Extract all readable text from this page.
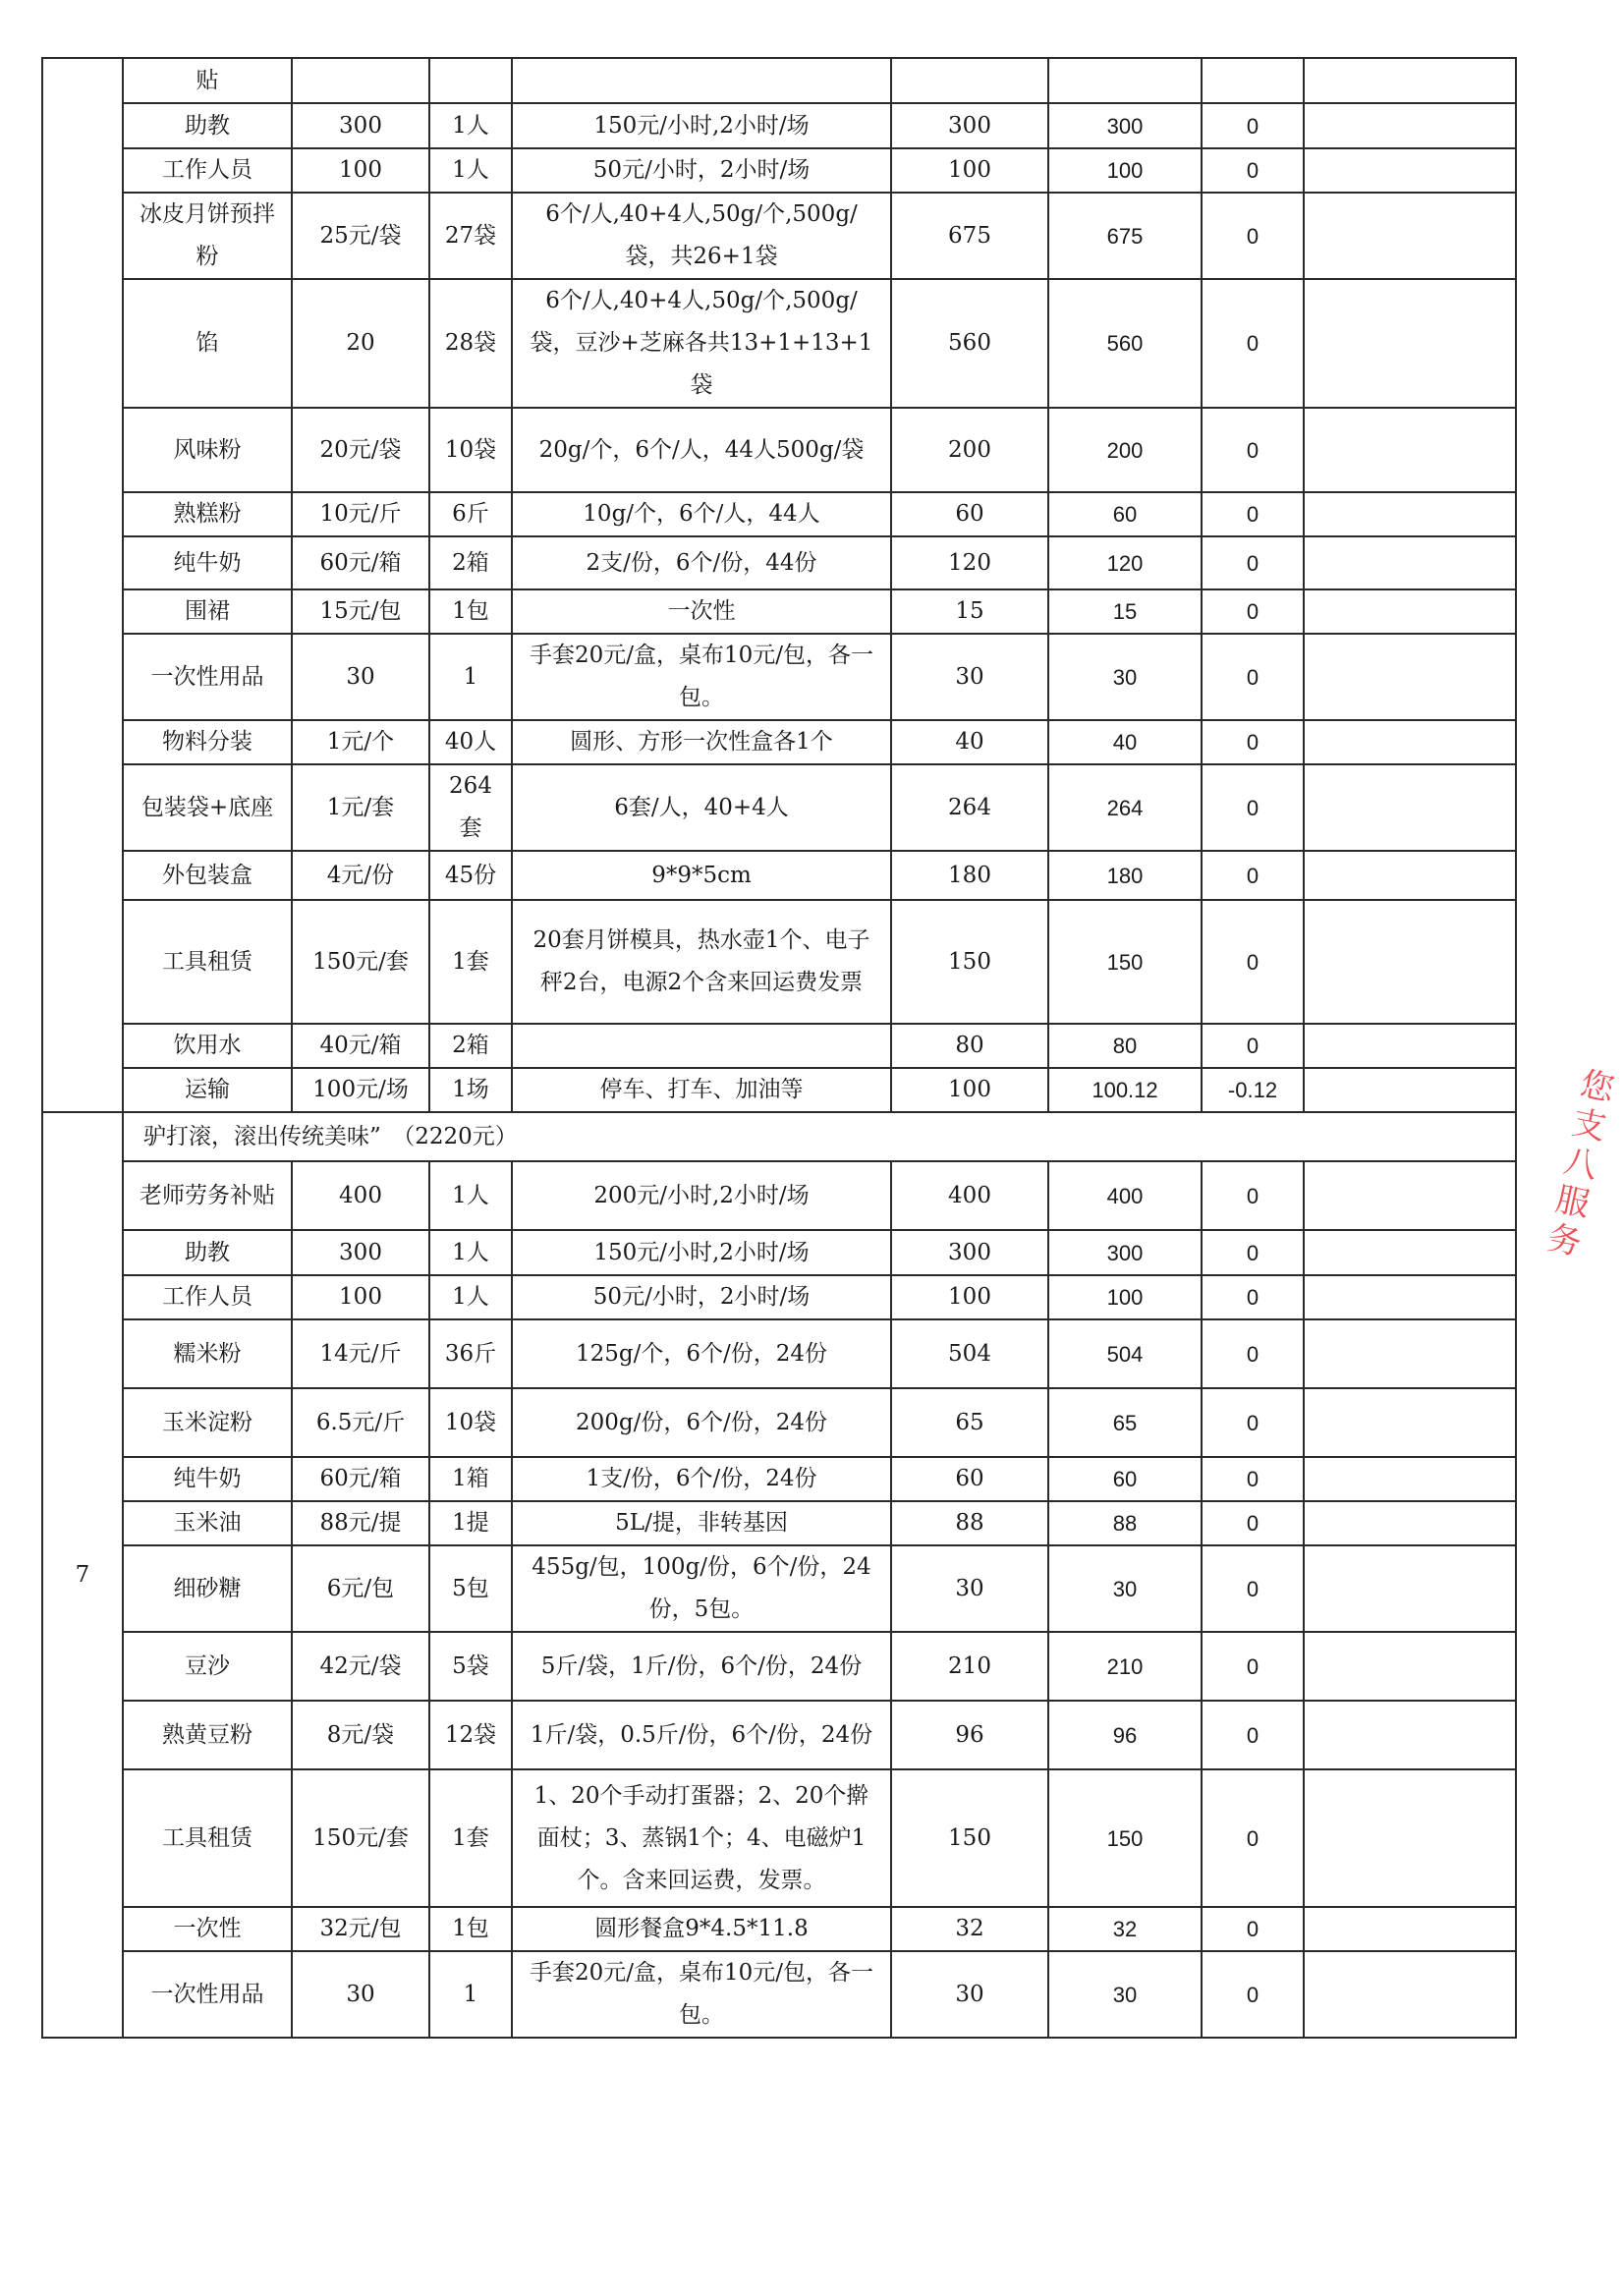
	贴							
	助教	300	1人	150元/小时,2小时/场	300	300	0	
	工作人员	100	1人	50元/小时，2小时/场	100	100	0	
	冰皮月饼预拌粉	25元/袋	27袋	6个/人,40+4人,50g/个,500g/袋，共26+1袋	675	675	0	
	馅	20	28袋	6个/人,40+4人,50g/个,500g/袋，豆沙+芝麻各共13+1+13+1袋	560	560	0	
	风味粉	20元/袋	10袋	20g/个，6个/人，44人500g/袋	200	200	0	
	熟糕粉	10元/斤	6斤	10g/个，6个/人，44人	60	60	0	
	纯牛奶	60元/箱	2箱	2支/份，6个/份，44份	120	120	0	
	围裙	15元/包	1包	一次性	15	15	0	
	一次性用品	30	1	手套20元/盒，桌布10元/包，各一包。	30	30	0	
	物料分装	1元/个	40人	圆形、方形一次性盒各1个	40	40	0	
	包装袋+底座	1元/套	264套	6套/人，40+4人	264	264	0	
	外包装盒	4元/份	45份	9*9*5cm	180	180	0	
	工具租赁	150元/套	1套	20套月饼模具，热水壶1个、电子秤2台，电源2个含来回运费发票	150	150	0	
	饮用水	40元/箱	2箱		80	80	0	
	运输	100元/场	1场	停车、打车、加油等	100	100.12	-0.12	
7	驴打滚，滚出传统美味”　（2220元）							
	老师劳务补贴	400	1人	200元/小时,2小时/场	400	400	0	
	助教	300	1人	150元/小时,2小时/场	300	300	0	
	工作人员	100	1人	50元/小时，2小时/场	100	100	0	
	糯米粉	14元/斤	36斤	125g/个，6个/份，24份	504	504	0	
	玉米淀粉	6.5元/斤	10袋	200g/份，6个/份，24份	65	65	0	
	纯牛奶	60元/箱	1箱	1支/份，6个/份，24份	60	60	0	
	玉米油	88元/提	1提	5L/提，非转基因	88	88	0	
	细砂糖	6元/包	5包	455g/包，100g/份，6个/份，24份，5包。	30	30	0	
	豆沙	42元/袋	5袋	5斤/袋，1斤/份，6个/份，24份	210	210	0	
	熟黄豆粉	8元/袋	12袋	1斤/袋，0.5斤/份，6个/份，24份	96	96	0	
	工具租赁	150元/套	1套	1、20个手动打蛋器；2、20个擀面杖；3、蒸锅1个；4、电磁炉1个。含来回运费，发票。	150	150	0	
	一次性	32元/包	1包	圆形餐盒9*4.5*11.8	32	32	0	
	一次性用品	30	1	手套20元/盒，桌布10元/包，各一包。	30	30	0	
您支八服务
